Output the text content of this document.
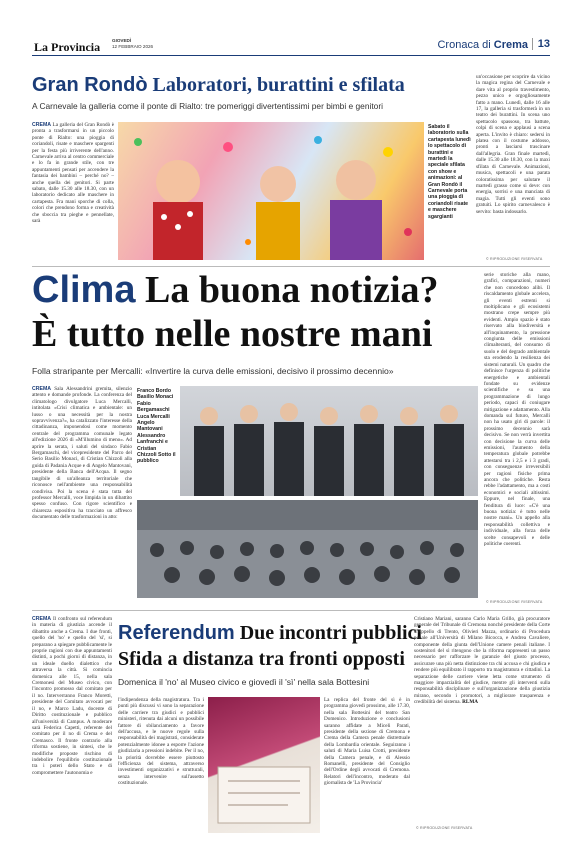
La Provincia	GIOVEDÌ
12 FEBBRAIO 2026	Cronaca di Crema 13
Gran Rondò Laboratori, burattini e sfilata
A Carnevale la galleria come il ponte di Rialto: tre pomeriggi divertentissimi per bimbi e genitori
CREMA La galleria del Gran Rondò è pronta a trasformarsi in un piccolo ponte di Rialto: una pioggia di coriandoli, risate e maschere spargenti per la festa più irriverente dell'anno. Carnevale arriva al centro commerciale e lo fa in grande stile, con tre appuntamenti pensati per accendere la fantasia dei bambini – perché no? – anche quella dei genitori. Si parte sabato, dalle 15.30 alle 18.30, con un laboratorio dedicato alle maschere in cartapesta. Fra mani sporche di colla, colori che prendono forma e creatività che sboccia tra pieghe e pennellate, sarà
Sabato il laboratorio sulla cartapesta lunedì lo spettacolo di burattini e martedì la speciale sfilata con show e animazioni: al Gran Rondò il Carnevale porta una pioggia di coriandoli risate e maschere sgargianti
un'occasione per scoprire da vicino la magica regina del Carnevale e dare vita al proprio travestimento, pezzo unico e orgogliosamente fatto a mano. Lunedì, dalle 16 alle 17, la galleria si trasformerà in un teatro dei burattini. In scena uno spettacolo spassoso, tra battute, colpi di scena e applausi a scena aperta. L'invito è chiaro: sedersi in platea con il costume addosso, pronti a lasciarsi trascinare dall'allegria. Gran finale martedì, dalle 15.30 alle 18.30, con la maxi sfilata di Carnevale. Animazioni, musica, spettacoli e una parata coloratissima per salutare il martedì grasso come si deve: con energia, sorrisi e una manciata di magia. Tutti gli eventi sono gratuiti. Lo spirito carnevalesco è servito: basta indossarlo.
© RIPRODUZIONE RISERVATA
Clima La buona notizia?
È tutto nelle nostre mani
Folla straripante per Mercalli: «Invertire la curva delle emissioni, decisivo il prossimo decennio»
CREMA Sala Alessandrini gremita, silenzio attento e domande profonde. La conferenza del climatologo divulgatore Luca Mercalli, intitolata «Crisi climatica e ambientale: un lusso o una necessità per la nostra sopravvivenza?», ha catalizzato l'interesse della cittadinanza, imponendosi come momento centrale del programma comunale legato all'edizione 2026 di «M'illumino di meno». Ad aprire la serata, i saluti del sindaco Fabio Bergamaschi, del vicepresidente del Parco del Serio Basilio Monaci, di Cristian Chizzoli alla guida di Padania Acque e di Angelo Mantovani, presidente della Banca dell'Acqua. Il segno tangibile di un'alleanza territoriale che riconosce nell'ambiente una responsabilità condivisa. Poi la scena è stata tutta del professor Mercalli, voce limpida in un dibattito spesso confuso. Con rigore scientifico e chiarezza espositiva ha tracciato un affresco documentato delle trasformazioni in atto:
Franco Bordo Basilio Monaci Fabio Bergamaschi Luca Mercalli Angelo Mantovani Alessandro Lanfranchi e Cristian Chizzoli Sotto il pubblico
serie storiche alla mano, grafici, comparazioni, numeri che non concedono alibi. Il riscaldamento globale accelera, gli eventi estremi si moltiplicano e gli ecosistemi mostrano crepe sempre più evidenti. Ampio spazio è stato riservato alla biodiversità e all'inquinamento, la pressione congiunta delle emissioni climalteranti, del consumo di suolo e del degrado ambientale sta erodendo la resilienza dei sistemi naturali. Un quadro che definisce l'urgenza di politiche energetiche e ambientali fondate su evidenze scientifiche e su una programmazione di lungo periodo, capaci di coniugare mitigazione e adattamento. Alla domanda sul futuro, Mercalli non ha usato giri di parole: il prossimo decennio sarà decisivo. Se non verrà invertita con decisione la curva delle emissioni, l'aumento della temperatura globale potrebbe attestarsi tra i 2,5 e i 3 gradi, con conseguenze irreversibili per ragioni fisiche prima ancora che politiche. Resta rebbe l'adattamento, ma a costi economici e sociali altissimi. Eppure, nel finale, una fenditura di luce: «C'è una buona notizia: è tutto nelle nostre mani». Un appello alla responsabilità collettiva e individuale, alla forza delle scelte consapevoli e delle politiche coerenti.
© RIPRODUZIONE RISERVATA
CREMA Il confronto sul referendum in materia di giustizia accende il dibattito anche a Crema. I due fronti, quello del 'no' e quello del 'sì', si preparano a spiegare pubblicamente le proprie ragioni con due appuntamenti distinti, a pochi giorni di distanza, in un ideale duello dialettico che attraversa la città. Si comincia domenica alle 15, nella sala Cremonesi del Museo civico, con l'incontro promosso dal comitato per il no. Interverranno Franco Moretti, presidente del Comitato avvocati per il no, e Marco Ladu, docente di Diritto costituzionale e pubblico all'università di Campus. A moderare sarà Federica Capetti, referente del comitato per il no di Crema e del Cremasco. Il fronte contrario alla riforma sostiene, in sintesi, che le modifiche proposte rischino di indebolire l'equilibrio costituzionale tra i poteri dello Stato e di compromettere l'autonomia e
Referendum Due incontri pubblici
Sfida a distanza tra fronti opposti
Domenica il 'no' al Museo civico e giovedì il 'sì' nella sala Bottesini
l'indipendenza della magistratura. Tra i punti più discussi vi sono la separazione delle carriere tra giudici e pubblici ministeri, ritenuta dai alcuni un possibile fattore di sbilanciamento a favore dell'accusa, e le nuove regole sulla responsabilità dei magistrati, considerate potenzialmente idonee a esporre l'azione giudiziaria a pressioni indebite. Per il no, la priorità dovrebbe essere piuttosto l'efficienza del sistema, attraverso investimenti organizzativi e strutturali, senza intervenire sull'assetto costituzionale.
La replica del fronte del sì è in programma giovedì prossimo, alle 17.30, nella sala Bottesini del teatro San Domenico. Introduzione e conclusioni saranno affidate a Miceli Parati, presidente della sezione di Cremona e Crema della Camera penale distrettuale della Lombardia orientale. Seguiranno i saluti di Maria Luisa Crotti, presidente della Camera penale, e di Alessio Romanelli, presidente del Consiglio dell'Ordine degli avvocati di Cremona. Relatori dell'incontro, moderato dal giornalista de 'La Provincia'
Cristiano Mariani, saranno Carlo Maria Grillo, già procuratore generale del Tribunale di Cremona nonché presidente della Corte d'Appello di Trento, Olivieri Mazza, ordinario di Procedura penale all'Università di Milano Bicocca, e Andrea Cavaliere, componente della giunta dell'Unione camere penali italiane. I sostenitori del sì ritengono che la riforma rappresenti un passo necessario per rafforzare le garanzie del giusto processo, assicurare una più netta distinzione tra chi accusa e chi giudica e rendere più equilibrato il rapporto tra magistratura e cittadini. La separazione delle carriere viene letta come strumento di maggiore imparzialità del giudice, mentre gli interventi sulla responsabilità disciplinare e sull'organizzazione della giustizia mirano, secondo i promotori, a migliorare trasparenza e credibilità del sistema. RLMA
© RIPRODUZIONE RISERVATA
